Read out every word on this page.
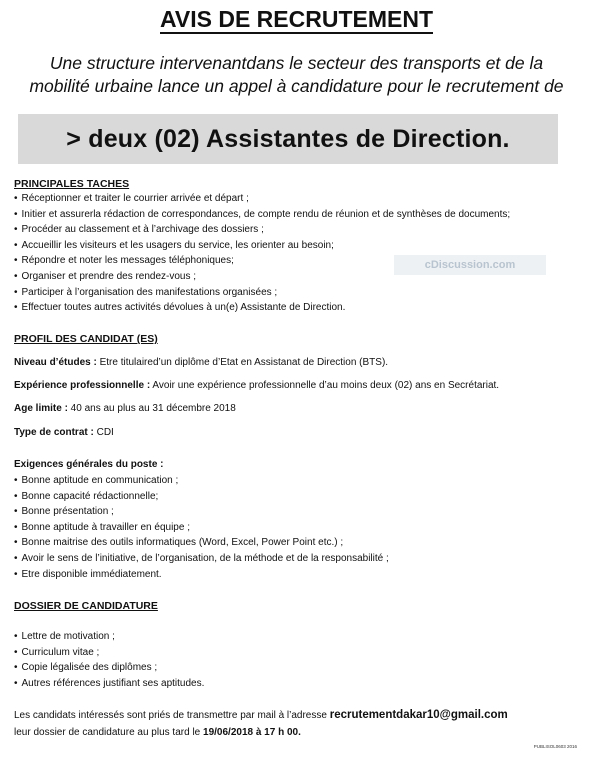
AVIS DE RECRUTEMENT
Une structure intervenantdans le secteur des transports et de la
mobilité urbaine lance un appel à candidature pour le recrutement de
> deux (02) Assistantes de Direction.
PRINCIPALES TACHES
• Réceptionner et traiter le courrier arrivée et départ ;
• Initier et assurerla rédaction de correspondances, de compte rendu de réunion et de synthèses de documents;
• Procéder au classement et à l’archivage des dossiers ;
• Accueillir les visiteurs et les usagers du service, les orienter au besoin;
• Répondre et noter les messages téléphoniques;
• Organiser et prendre des rendez-vous ;
• Participer à l’organisation des manifestations organisées ;
• Effectuer toutes autres activités dévolues à un(e) Assistante de Direction.
cDiscussion.com
PROFIL DES CANDIDAT (ES)
Niveau d’études : Etre titulaired’un diplôme d’Etat en Assistanat de Direction (BTS).
Expérience professionnelle : Avoir une expérience professionnelle d’au moins deux (02) ans en Secrétariat.
Age limite : 40 ans au plus au 31 décembre 2018
Type de contrat : CDI
Exigences générales du poste :
• Bonne aptitude en communication ;
• Bonne capacité rédactionnelle;
• Bonne présentation ;
• Bonne aptitude à travailler en équipe ;
• Bonne maitrise des outils informatiques (Word, Excel, Power Point etc.) ;
• Avoir le sens de l’initiative, de l’organisation, de la méthode et de la responsabilité ;
• Etre disponible immédiatement.
DOSSIER DE CANDIDATURE
• Lettre de motivation ;
• Curriculum vitae ;
• Copie légalisée des diplômes ;
• Autres références justifiant ses aptitudes.
Les candidats intéressés sont priés de transmettre par mail à l’adresse recrutementdakar10@gmail.com
leur dossier de candidature au plus tard le 19/06/2018 à 17 h 00.
PUBLISOL0603 2016
